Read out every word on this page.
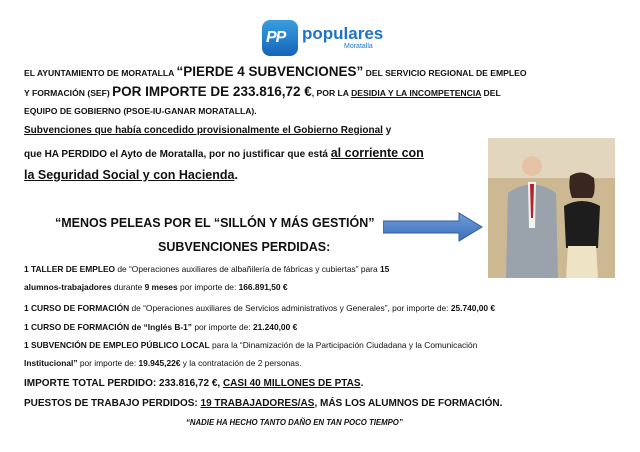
PP populares
Moratalla
EL AYUNTAMIENTO DE MORATALLA “PIERDE 4 SUBVENCIONES” DEL SERVICIO REGIONAL DE EMPLEO
Y FORMACIÓN (SEF) POR IMPORTE DE 233.816,72 €, POR LA DESIDIA Y LA INCOMPETENCIA DEL
EQUIPO DE GOBIERNO (PSOE-IU-GANAR MORATALLA).
Subvenciones que había concedido provisionalmente el Gobierno Regional y
que HA PERDIDO el Ayto de Moratalla, por no justificar que está al corriente con
la Seguridad Social y con Hacienda.
“MENOS PELEAS POR EL “SILLÓN Y MÁS GESTIÓN”
SUBVENCIONES PERDIDAS:
1 TALLER DE EMPLEO de “Operaciones auxiliares de albañilería de fábricas y cubiertas” para 15
alumnos-trabajadores durante 9 meses por importe de: 166.891,50 €
1 CURSO DE FORMACIÓN de “Operaciones auxiliares de Servicios administrativos y Generales”, por importe de: 25.740,00 €
1 CURSO DE FORMACIÓN de “Inglés B-1” por importe de: 21.240,00 €
1 SUBVENCIÓN DE EMPLEO PÚBLICO LOCAL para la “Dinamización de la Participación Ciudadana y la Comunicación
Institucional” por importe de: 19.945,22€ y la contratación de 2 personas.
IMPORTE TOTAL PERDIDO: 233.816,72 €, CASI 40 MILLONES DE PTAS.
PUESTOS DE TRABAJO PERDIDOS: 19 TRABAJADORES/AS, MÁS LOS ALUMNOS DE FORMACIÓN.
“NADIE HA HECHO TANTO DAÑO EN TAN POCO TIEMPO”
